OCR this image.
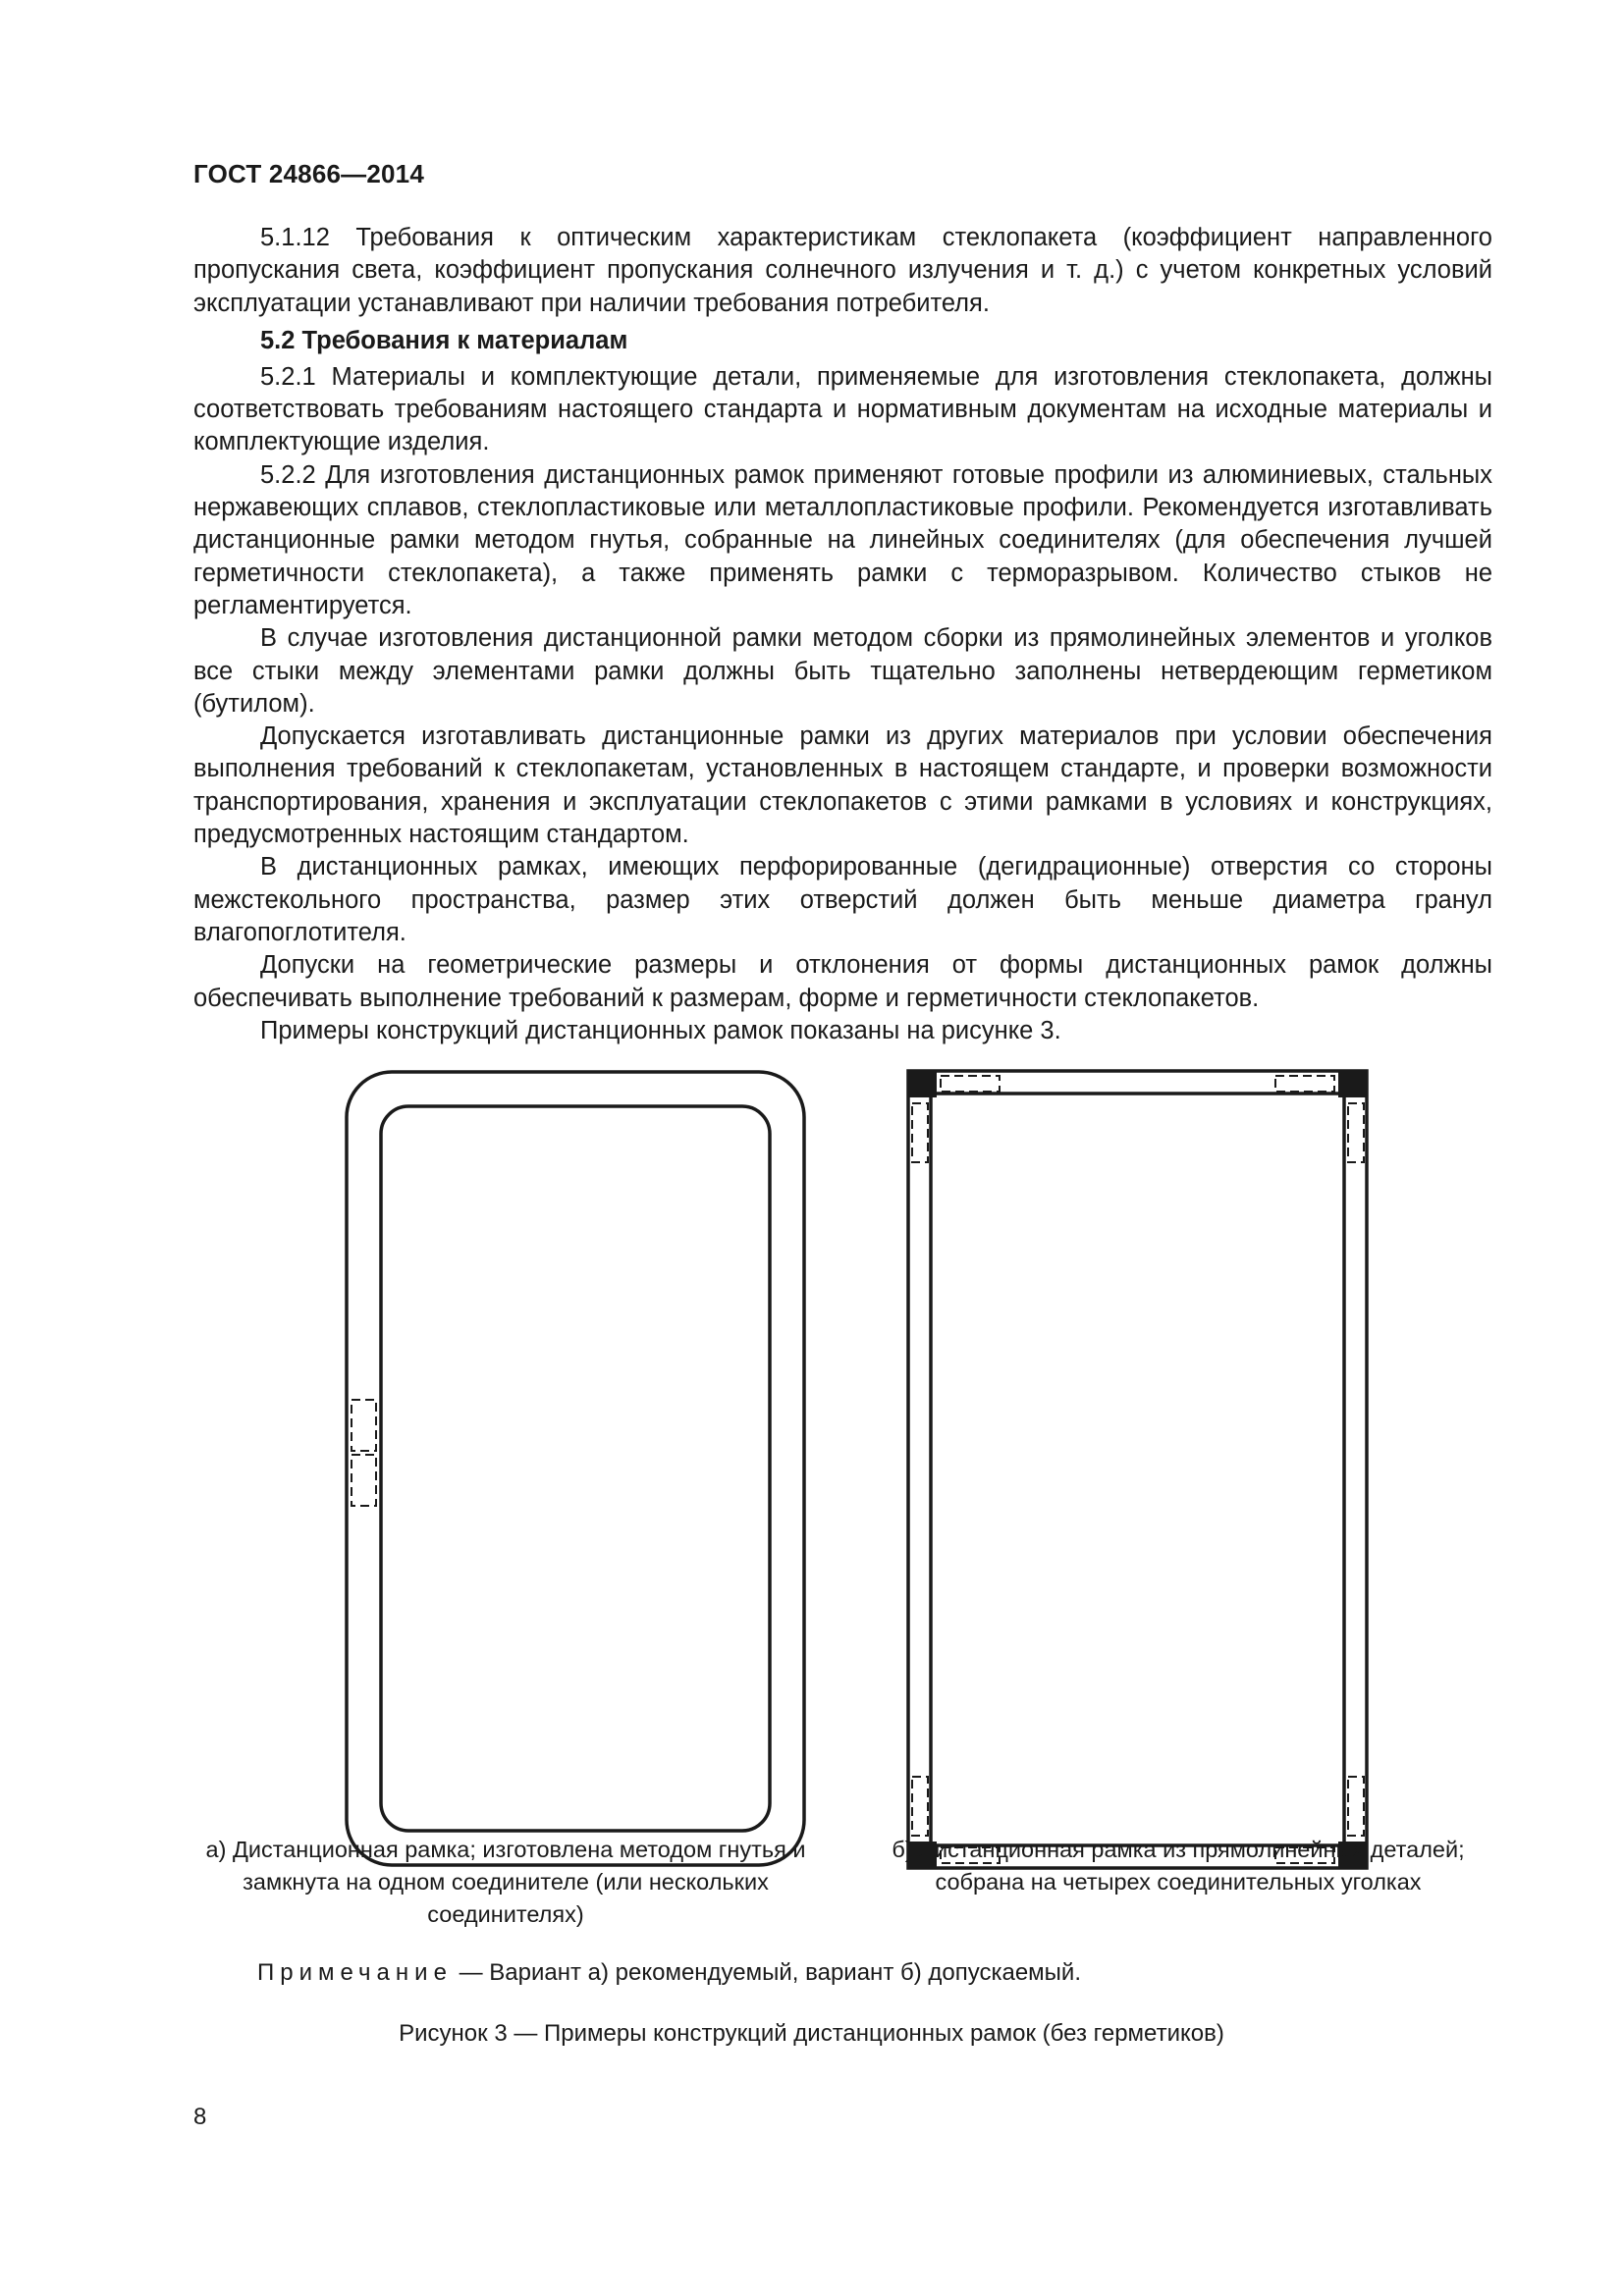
ГОСТ 24866—2014

5.1.12 Требования к оптическим характеристикам стеклопакета (коэффициент направленного пропускания света, коэффициент пропускания солнечного излучения и т. д.) с учетом конкретных условий эксплуатации устанавливают при наличии требования потребителя.

5.2 Требования к материалам

5.2.1 Материалы и комплектующие детали, применяемые для изготовления стеклопакета, должны соответствовать требованиям настоящего стандарта и нормативным документам на исходные материалы и комплектующие изделия.

5.2.2 Для изготовления дистанционных рамок применяют готовые профили из алюминиевых, стальных нержавеющих сплавов, стеклопластиковые или металлопластиковые профили. Рекомендуется изготавливать дистанционные рамки методом гнутья, собранные на линейных соединителях (для обеспечения лучшей герметичности стеклопакета), а также применять рамки с терморазрывом. Количество стыков не регламентируется.

В случае изготовления дистанционной рамки методом сборки из прямолинейных элементов и уголков все стыки между элементами рамки должны быть тщательно заполнены нетвердеющим герметиком (бутилом).

Допускается изготавливать дистанционные рамки из других материалов при условии обеспечения выполнения требований к стеклопакетам, установленных в настоящем стандарте, и проверки возможности транспортирования, хранения и эксплуатации стеклопакетов с этими рамками в условиях и конструкциях, предусмотренных настоящим стандартом.

В дистанционных рамках, имеющих перфорированные (дегидрационные) отверстия со стороны межстекольного пространства, размер этих отверстий должен быть меньше диаметра гранул влагопоглотителя.

Допуски на геометрические размеры и отклонения от формы дистанционных рамок должны обеспечивать выполнение требований к размерам, форме и герметичности стеклопакетов.

Примеры конструкций дистанционных рамок показаны на рисунке 3.

а) Дистанционная рамка; изготовлена методом гнутья и замкнута на одном соединителе (или нескольких соединителях)
б) Дистанционная рамка из прямолинейных деталей; собрана на четырех соединительных уголках
Примечание — Вариант а) рекомендуемый, вариант б) допускаемый.
Рисунок 3 — Примеры конструкций дистанционных рамок (без герметиков)
8
